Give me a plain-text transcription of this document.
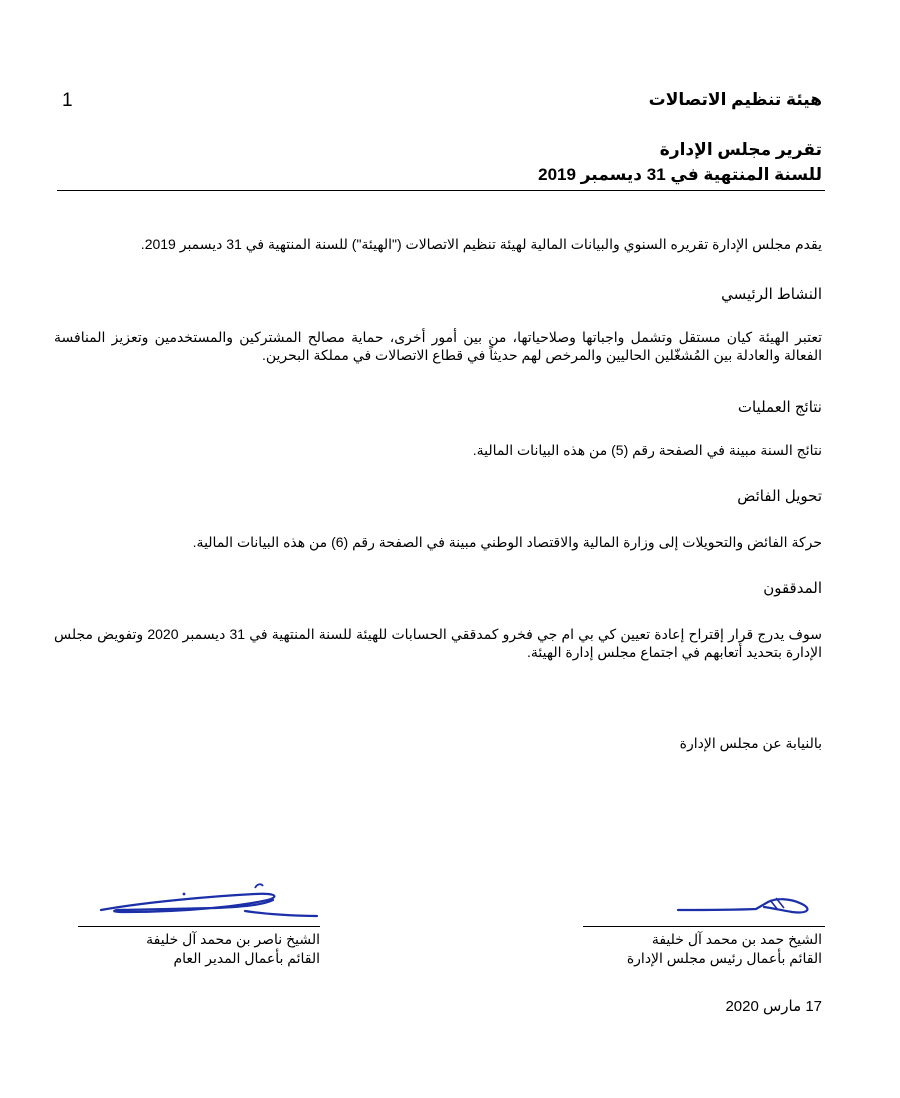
هيئة تنظيم الاتصالات
1
تقرير مجلس الإدارة
للسنة المنتهية في 31 ديسمبر 2019
يقدم مجلس الإدارة تقريره السنوي والبيانات المالية لهيئة تنظيم الاتصالات ("الهيئة") للسنة المنتهية في 31 ديسمبر 2019.
النشاط الرئيسي
تعتبر الهيئة كيان مستقل وتشمل واجباتها وصلاحياتها، من بين أمور أخرى، حماية مصالح المشتركين والمستخدمين وتعزيز المنافسة الفعالة والعادلة بين المُشغّلين الحاليين والمرخص لهم حديثاً في قطاع الاتصالات في مملكة البحرين.
نتائج العمليات
نتائج السنة مبينة في الصفحة رقم (5) من هذه البيانات المالية.
تحويل الفائض
حركة الفائض والتحويلات إلى وزارة المالية والاقتصاد الوطني مبينة في الصفحة رقم (6) من هذه البيانات المالية.
المدققون
سوف يدرج قرار إقتراح إعادة تعيين كي بي ام جي فخرو كمدققي الحسابات للهيئة للسنة المنتهية في 31 ديسمبر 2020 وتفويض مجلس الإدارة بتحديد أتعابهم في اجتماع مجلس إدارة الهيئة.
بالنيابة عن مجلس الإدارة
الشيخ ناصر بن محمد آل خليفة
القائم بأعمال المدير العام
الشيخ حمد بن محمد آل خليفة
القائم بأعمال رئيس مجلس الإدارة
17 مارس 2020
